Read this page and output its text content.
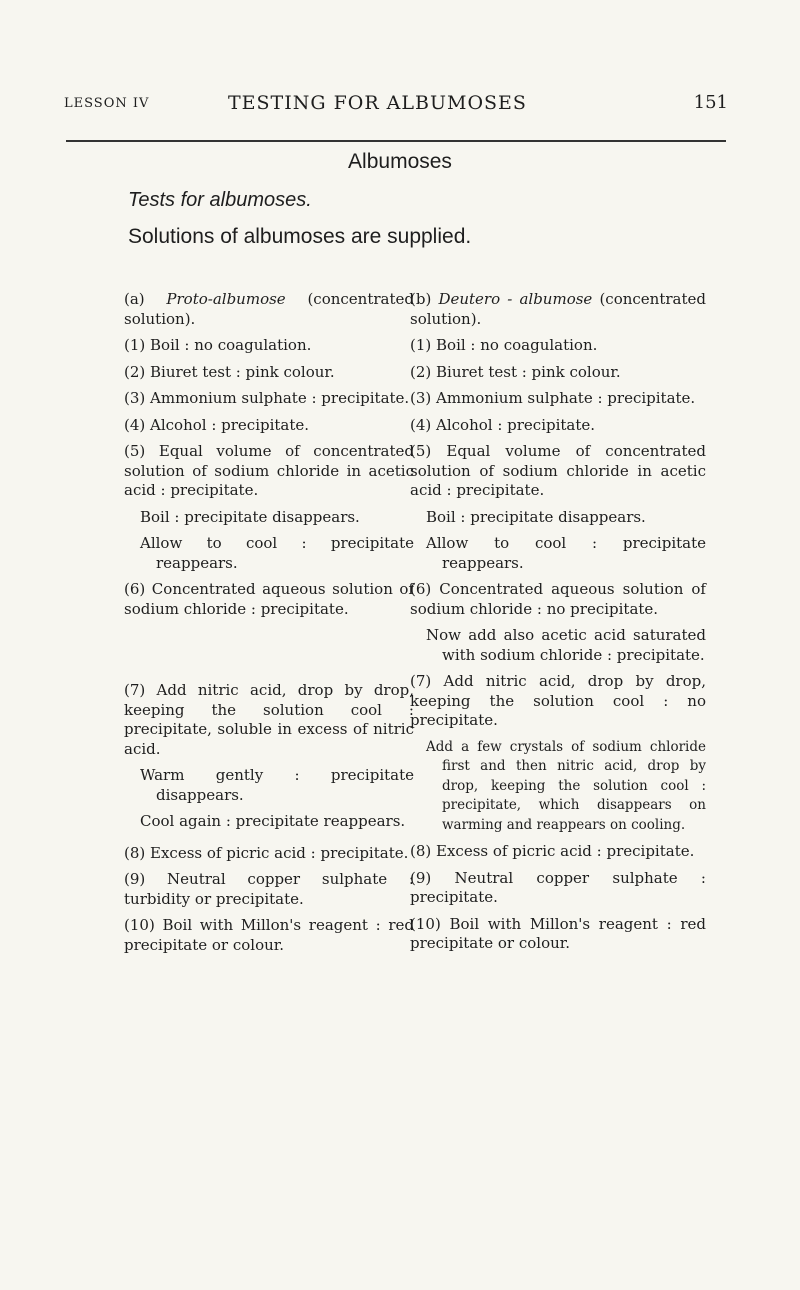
LESSON IV	TESTING FOR ALBUMOSES	151
Albumoses
Tests for albumoses.
Solutions of albumoses are supplied.

(a) Proto-albumose (concentrated solution).

(1) Boil : no coagulation.

(2) Biuret test : pink colour.

(3) Ammonium sulphate : precipitate.

(4) Alcohol : precipitate.

(5) Equal volume of concentrated solution of sodium chloride in acetic acid : precipitate.

Boil : precipitate disappears.

Allow to cool : precipitate reappears.

(6) Concentrated aqueous solution of sodium chloride : precipitate.

(7) Add nitric acid, drop by drop, keeping the solution cool : precipitate, soluble in excess of nitric acid.

Warm gently : precipitate disappears.

Cool again : precipitate reappears.

(8) Excess of picric acid : precipitate.

(9) Neutral copper sulphate : turbidity or precipitate.

(10) Boil with Millon's reagent : red precipitate or colour.

(b) Deutero - albumose (concentrated solution).

(1) Boil : no coagulation.

(2) Biuret test : pink colour.

(3) Ammonium sulphate : precipitate.

(4) Alcohol : precipitate.

(5) Equal volume of concentrated solution of sodium chloride in acetic acid : precipitate.

Boil : precipitate disappears.

Allow to cool : precipitate reappears.

(6) Concentrated aqueous solution of sodium chloride : no precipitate.

Now add also acetic acid saturated with sodium chloride : precipitate.

(7) Add nitric acid, drop by drop, keeping the solution cool : no precipitate.

Add a few crystals of sodium chloride first and then nitric acid, drop by drop, keeping the solution cool : precipitate, which disappears on warming and reappears on cooling.

(8) Excess of picric acid : precipitate.

(9) Neutral copper sulphate : precipitate.

(10) Boil with Millon's reagent : red precipitate or colour.
